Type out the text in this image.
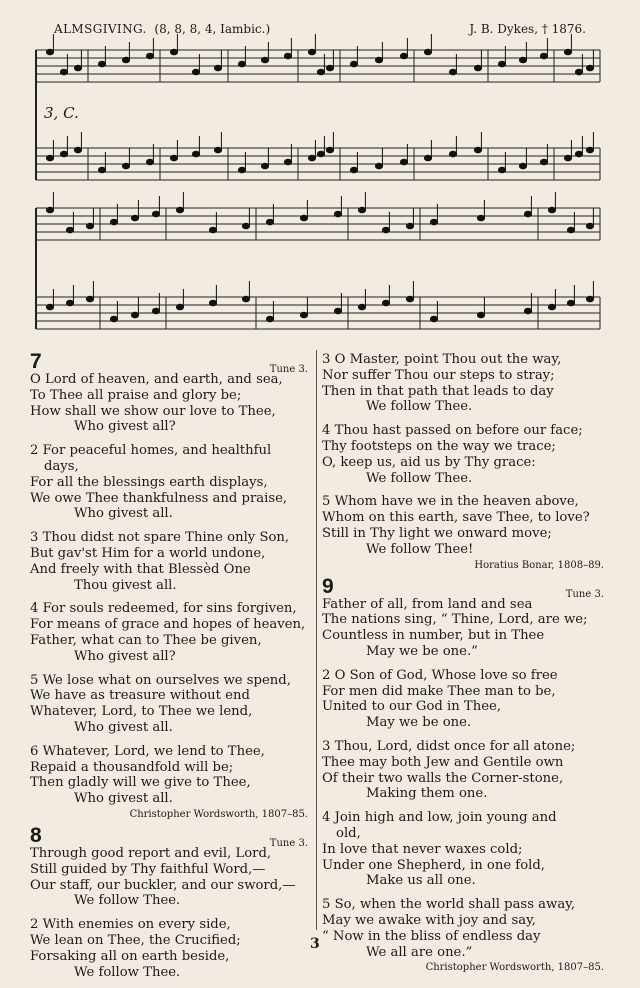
ALMSGIVING. (8, 8, 8, 4, Iambic.)	J. B. Dykes, † 1876.
3, C.
7	Tune 3.
O Lord of heaven, and earth, and sea,
To Thee all praise and glory be;
How shall we show our love to Thee,
Who givest all?
2 For peaceful homes, and healthful
days,
For all the blessings earth displays,
We owe Thee thankfulness and praise,
Who givest all.
3 Thou didst not spare Thine only Son,
But gav'st Him for a world undone,
And freely with that Blessèd One
Thou givest all.
4 For souls redeemed, for sins forgiven,
For means of grace and hopes of heaven,
Father, what can to Thee be given,
Who givest all?
5 We lose what on ourselves we spend,
We have as treasure without end
Whatever, Lord, to Thee we lend,
Who givest all.
6 Whatever, Lord, we lend to Thee,
Repaid a thousandfold will be;
Then gladly will we give to Thee,
Who givest all.
Christopher Wordsworth, 1807–85.
8	Tune 3.
Through good report and evil, Lord,
Still guided by Thy faithful Word,—
Our staff, our buckler, and our sword,—
We follow Thee.
2 With enemies on every side,
We lean on Thee, the Crucified;
Forsaking all on earth beside,
We follow Thee.
3 O Master, point Thou out the way,
Nor suffer Thou our steps to stray;
Then in that path that leads to day
We follow Thee.
4 Thou hast passed on before our face;
Thy footsteps on the way we trace;
O, keep us, aid us by Thy grace:
We follow Thee.
5 Whom have we in the heaven above,
Whom on this earth, save Thee, to love?
Still in Thy light we onward move;
We follow Thee!
Horatius Bonar, 1808–89.
9	Tune 3.
Father of all, from land and sea
The nations sing, “ Thine, Lord, are we;
Countless in number, but in Thee
May we be one.”
2 O Son of God, Whose love so free
For men did make Thee man to be,
United to our God in Thee,
May we be one.
3 Thou, Lord, didst once for all atone;
Thee may both Jew and Gentile own
Of their two walls the Corner-stone,
Making them one.
4 Join high and low, join young and
old,
In love that never waxes cold;
Under one Shepherd, in one fold,
Make us all one.
5 So, when the world shall pass away,
May we awake with joy and say,
“ Now in the bliss of endless day
We all are one.”
Christopher Wordsworth, 1807–85.
3
